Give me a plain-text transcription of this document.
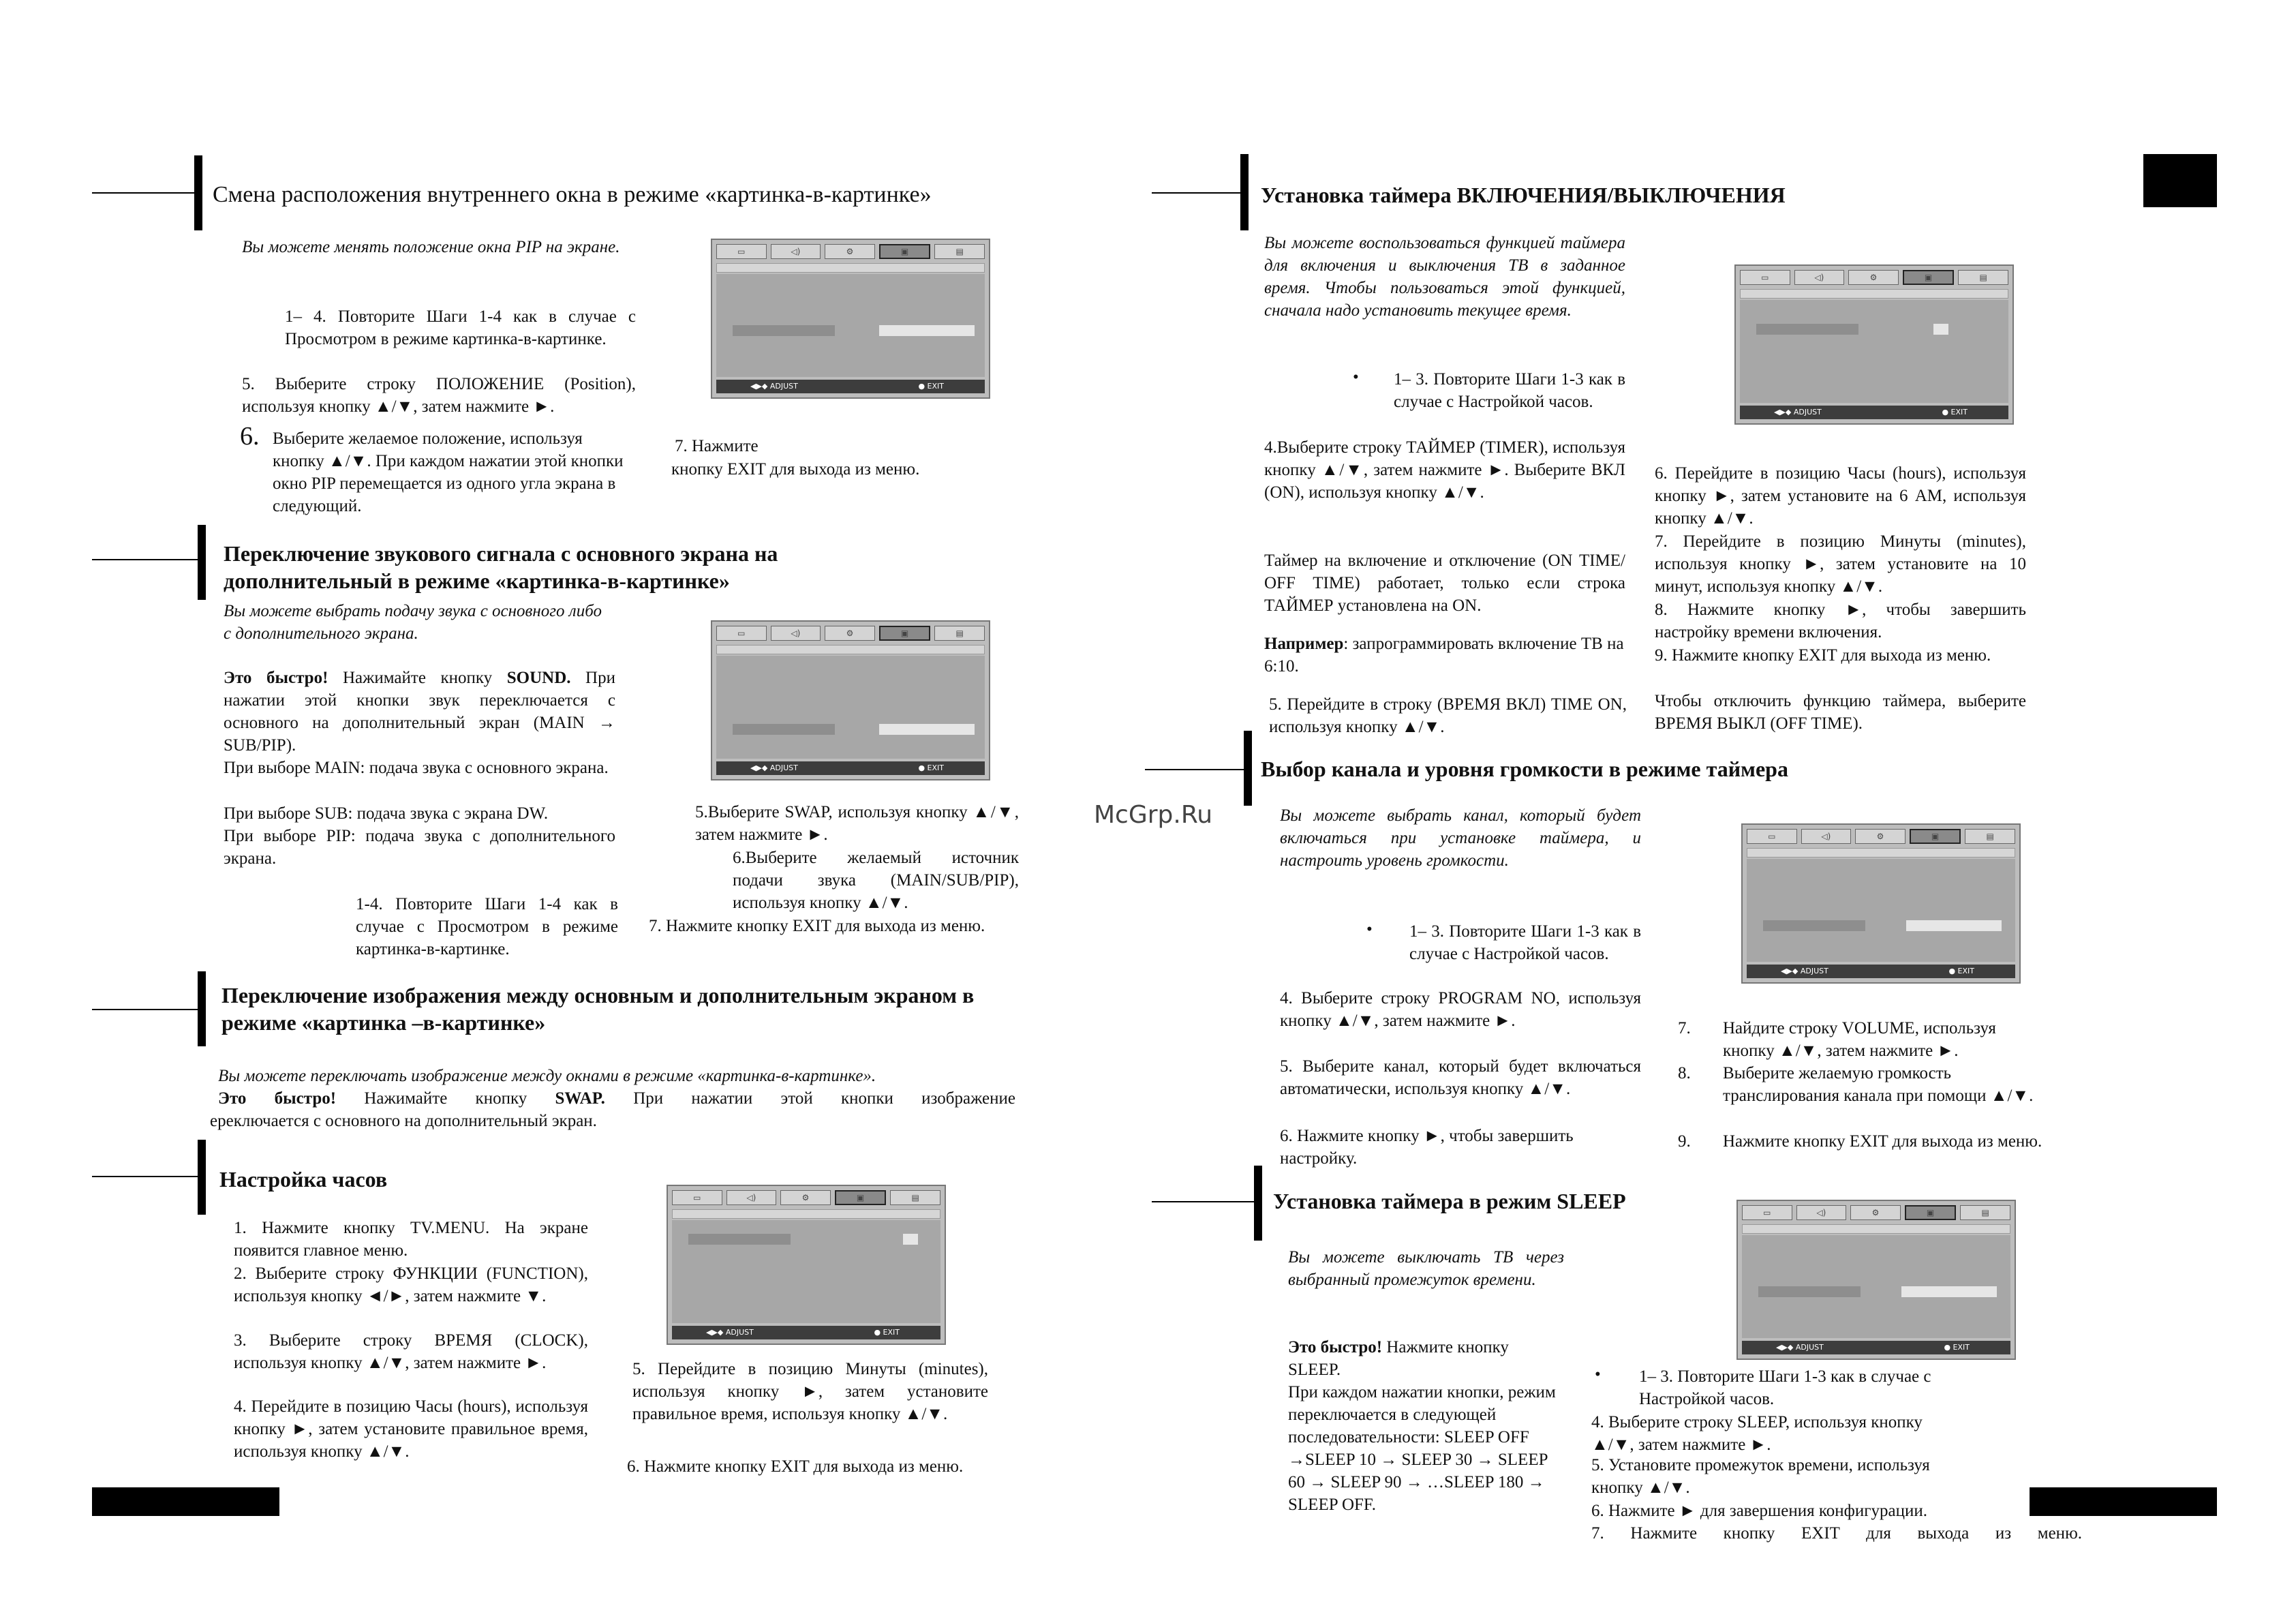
Смена расположения внутреннего окна в режиме «картинка-в-картинке»
Вы можете менять положение окна PIP на экране.
1– 4. Повторите Шаги 1-4 как в случае с Просмотром в режиме картинка-в-картинке.
5. Выберите строку ПОЛОЖЕНИЕ (Position), используя кнопку ▲/▼, затем нажмите ►.
6. Выберите желаемое положение, используя кнопку ▲/▼. При каждом нажатии этой кнопки окно PIP перемещается из одного угла экрана в следующий.
7. Нажмите
кнопку EXIT для выхода из меню.
▭	◁)	⚙	▣	▤
◀▶◆ ADJUST	● EXIT
Переключение звукового сигнала с основного экрана на дополнительный в режиме «картинка-в-картинке»
Вы можете выбрать подачу звука с основного либо с дополнительного экрана.
Это быстро! Нажимайте кнопку SOUND. При нажатии этой кнопки звук переключается с основного на дополнительный экран (MAIN → SUB/PIP).
При выборе MAIN: подача звука с основного экрана.
При выборе SUB: подача звука с экрана DW.
При выборе PIP: подача звука с дополнительного экрана.
1-4. Повторите Шаги 1-4 как в случае с Просмотром в режиме картинка-в-картинке.
5.Выберите SWAP, используя кнопку ▲/▼, затем нажмите ►.
6.Выберите желаемый источник подачи звука (MAIN/SUB/PIP), используя кнопку ▲/▼.
7. Нажмите кнопку EXIT для выхода из меню.
▭	◁)	⚙	▣	▤
◀▶◆ ADJUST	● EXIT
Переключение изображения между основным и дополнительным экраном в режиме «картинка –в-картинке»
Вы можете переключать изображение между окнами в режиме «картинка-в-картинке».
Это быстро! Нажимайте кнопку SWAP. При нажатии этой кнопки изображение
ереключается с основного на дополнительный экран.
Настройка часов
1. Нажмите кнопку TV.MENU. На экране появится главное меню.
2. Выберите строку ФУНКЦИИ (FUNCTION), используя кнопку ◄/►, затем нажмите ▼.
3. Выберите строку ВРЕМЯ (CLOCK), используя кнопку ▲/▼, затем нажмите ►.
4. Перейдите в позицию Часы (hours), используя кнопку ►, затем установите правильное время, используя кнопку ▲/▼.
5. Перейдите в позицию Минуты (minutes), используя кнопку ►, затем установите правильное время, используя кнопку ▲/▼.
6. Нажмите кнопку EXIT для выхода из меню.
▭	◁)	⚙	▣	▤
◀▶◆ ADJUST	● EXIT
Установка таймера ВКЛЮЧЕНИЯ/ВЫКЛЮЧЕНИЯ
Вы можете воспользоваться функцией таймера для включения и выключения ТВ в заданное время. Чтобы пользоваться этой функцией, сначала надо установить текущее время.
• 1– 3. Повторите Шаги 1-3 как в случае с Настройкой часов.
4.Выберите строку ТАЙМЕР (TIMER), используя кнопку ▲/▼, затем нажмите ►. Выберите ВКЛ (ON), используя кнопку ▲/▼.
Таймер на включение и отключение (ON TIME/ OFF TIME) работает, только если строка ТАЙМЕР установлена на ON.
Например: запрограммировать включение ТВ на 6:10.
5. Перейдите в строку (ВРЕМЯ ВКЛ) TIME ON, используя кнопку ▲/▼.
6. Перейдите в позицию Часы (hours), используя кнопку ►, затем установите на 6 AM, используя кнопку ▲/▼.
7. Перейдите в позицию Минуты (minutes), используя кнопку ►, затем установите на 10 минут, используя кнопку ▲/▼.
8. Нажмите кнопку ►, чтобы завершить настройку времени включения.
9. Нажмите кнопку EXIT для выхода из меню.
Чтобы отключить функцию таймера, выберите ВРЕМЯ ВЫКЛ (OFF TIME).
▭	◁)	⚙	▣	▤
◀▶◆ ADJUST	● EXIT
McGrp.Ru
Выбор канала и уровня громкости в режиме таймера
Вы можете выбрать канал, который будет включаться при установке таймера, и настроить уровень громкости.
• 1– 3. Повторите Шаги 1-3 как в случае с Настройкой часов.
4. Выберите строку PROGRAM NO, используя кнопку ▲/▼, затем нажмите ►.
5. Выберите канал, который будет включаться автоматически, используя кнопку ▲/▼.
6. Нажмите кнопку ►, чтобы завершить настройку.
7. Найдите строку VOLUME, используя кнопку ▲/▼, затем нажмите ►.
8. Выберите желаемую громкость транслирования канала при помощи ▲/▼.
9. Нажмите кнопку EXIT для выхода из меню.
▭	◁)	⚙	▣	▤
◀▶◆ ADJUST	● EXIT
Установка таймера в режим SLEEP
Вы можете выключать ТВ через выбранный промежуток времени.
Это быстро! Нажмите кнопку SLEEP.
При каждом нажатии кнопки, режим переключается в следующей последовательности: SLEEP OFF →SLEEP 10 → SLEEP 30 → SLEEP 60 → SLEEP 90 → …SLEEP 180 → SLEEP OFF.
• 1– 3. Повторите Шаги 1-3 как в случае с Настройкой часов.
4. Выберите строку SLEEP, используя кнопку ▲/▼, затем нажмите ►.
5. Установите промежуток времени, используя кнопку ▲/▼.
6. Нажмите ► для завершения конфигурации.
7. Нажмите кнопку EXIT для выхода из меню.
▭	◁)	⚙	▣	▤
◀▶◆ ADJUST	● EXIT
